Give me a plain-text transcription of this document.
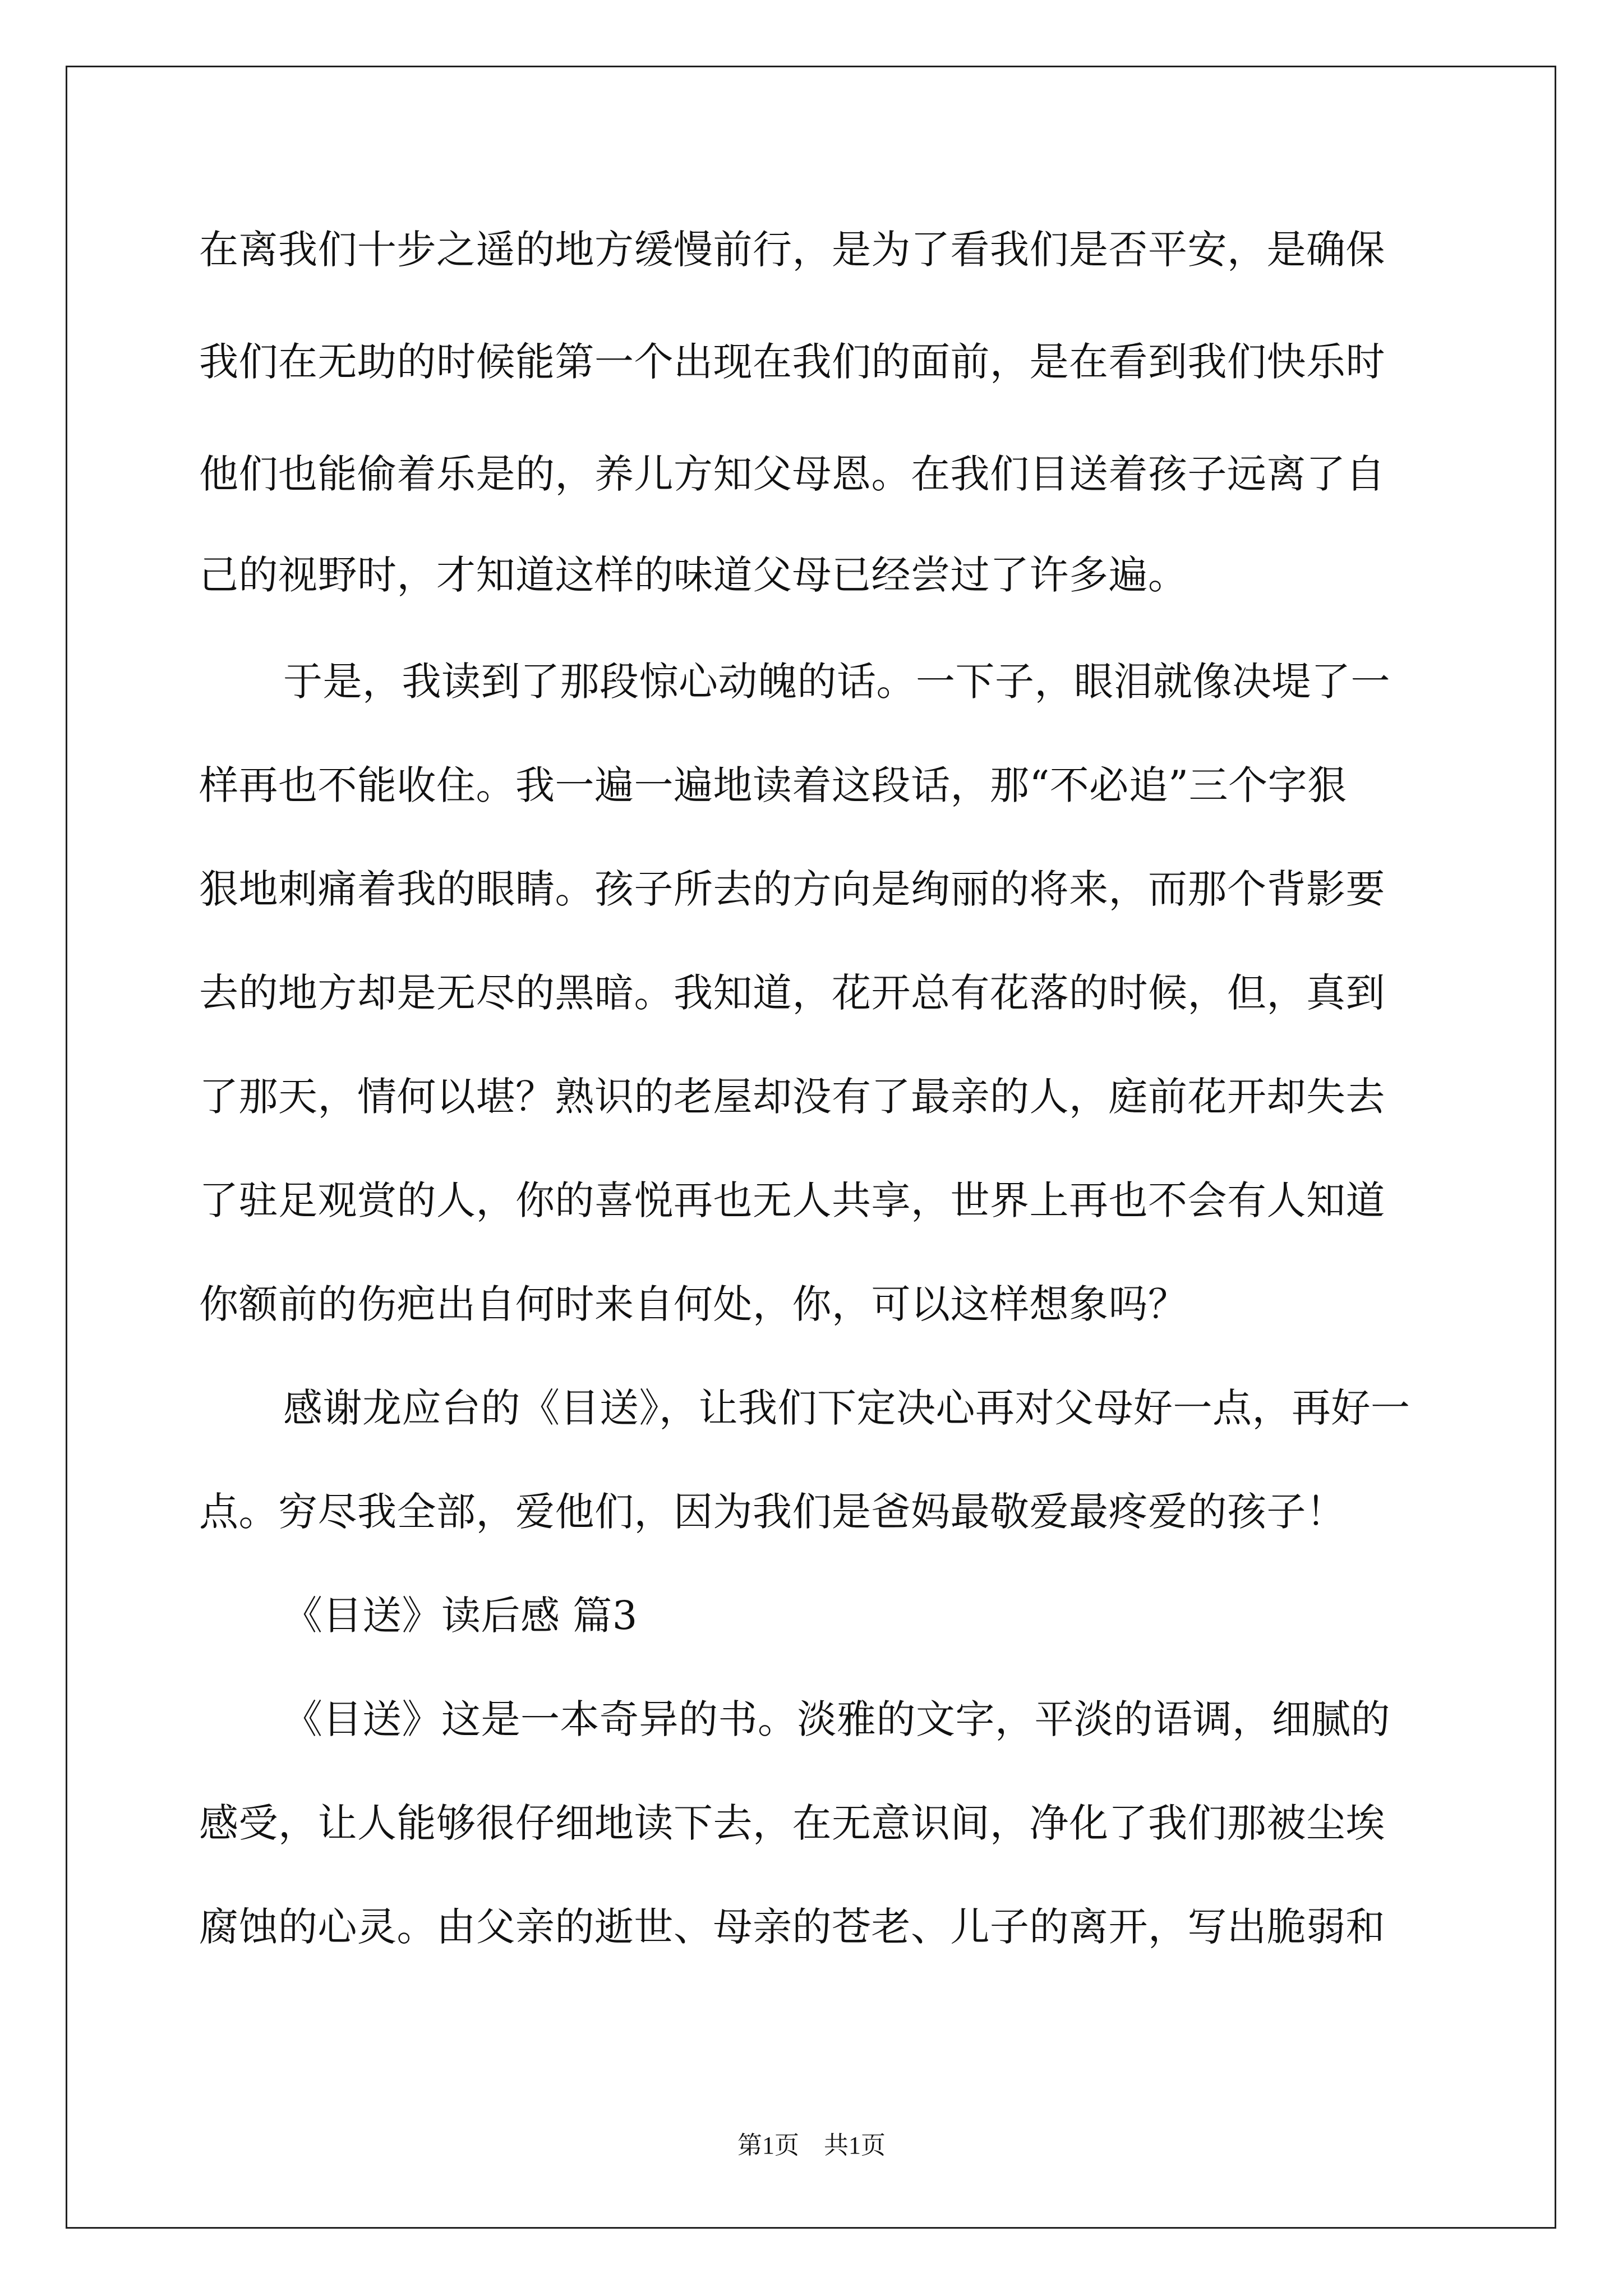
在离我们十步之遥的地方缓慢前行，是为了看我们是否平安，是确保
我们在无助的时候能第一个出现在我们的面前，是在看到我们快乐时
他们也能偷着乐是的，养儿方知父母恩。在我们目送着孩子远离了自
己的视野时，才知道这样的味道父母已经尝过了许多遍。
于是，我读到了那段惊心动魄的话。一下子，眼泪就像决堤了一
样再也不能收住。我一遍一遍地读着这段话，那“不必追”三个字狠
狠地刺痛着我的眼睛。孩子所去的方向是绚丽的将来，而那个背影要
去的地方却是无尽的黑暗。我知道，花开总有花落的时候，但，真到
了那天，情何以堪？熟识的老屋却没有了最亲的人，庭前花开却失去
了驻足观赏的人，你的喜悦再也无人共享，世界上再也不会有人知道
你额前的伤疤出自何时来自何处，你，可以这样想象吗？
感谢龙应台的《目送》，让我们下定决心再对父母好一点，再好一
点。穷尽我全部，爱他们，因为我们是爸妈最敬爱最疼爱的孩子！
《目送》读后感 篇3
《目送》这是一本奇异的书。淡雅的文字，平淡的语调，细腻的
感受，让人能够很仔细地读下去，在无意识间，净化了我们那被尘埃
腐蚀的心灵。由父亲的逝世、母亲的苍老、儿子的离开，写出脆弱和
第1页　共1页
